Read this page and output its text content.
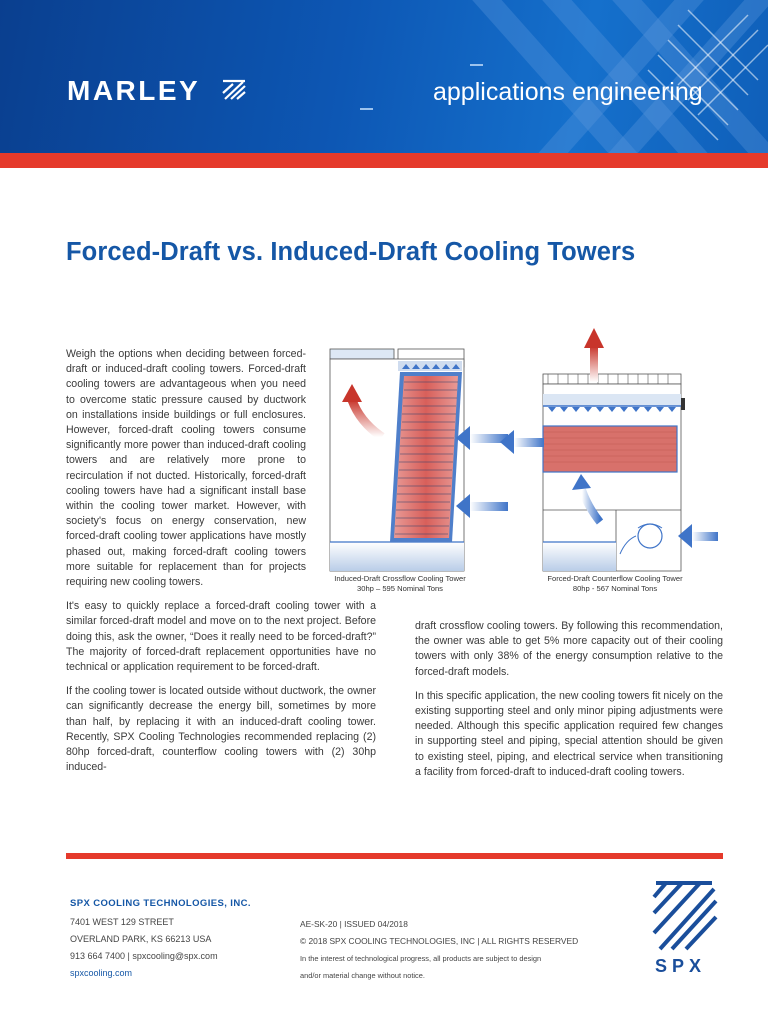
MARLEY	applications engineering
Forced-Draft vs. Induced-Draft Cooling Towers

Weigh the options when deciding between forced-draft or induced-draft cooling towers. Forced-draft cooling towers are advantageous when you need to overcome static pressure caused by ductwork on installations inside buildings or full enclosures. However, forced-draft cooling towers consume significantly more power than induced-draft cooling towers and are relatively more prone to recirculation if not ducted. Historically, forced-draft cooling towers have had a significant install base within the cooling tower market. However, with society's focus on energy conservation, new forced-draft cooling tower applications have mostly phased out, making forced-draft cooling towers more suitable for replacement than for projects requiring new cooling towers.

It's easy to quickly replace a forced-draft cooling tower with a similar forced-draft model and move on to the next project. Before doing this, ask the owner, “Does it really need to be forced-draft?” The majority of forced-draft replacement opportunities have no technical or application requirement to be forced-draft.

If the cooling tower is located outside without ductwork, the owner can significantly decrease the energy bill, sometimes by more than half, by replacing it with an induced-draft cooling tower. Recently, SPX Cooling Technologies recommended replacing (2) 80hp forced-draft, counterflow cooling towers with (2) 30hp induced-

Induced-Draft Crossflow Cooling Tower
30hp – 595 Nominal Tons
Forced-Draft Counterflow Cooling Tower
80hp - 567 Nominal Tons

draft crossflow cooling towers. By following this recommendation, the owner was able to get 5% more capacity out of their cooling towers with only 38% of the energy consumption relative to the forced-draft models.

In this specific application, the new cooling towers fit nicely on the existing supporting steel and only minor piping adjustments were needed. Although this specific application required few changes in supporting steel and piping, special attention should be given to existing steel, piping, and electrical service when transitioning a facility from forced-draft to induced-draft cooling towers.

SPX COOLING TECHNOLOGIES, INC.
7401 WEST 129 STREET
OVERLAND PARK, KS 66213 USA
913 664 7400 | spxcooling@spx.com
spxcooling.com
AE-SK-20 | ISSUED 04/2018
© 2018 SPX COOLING TECHNOLOGIES, INC | ALL RIGHTS RESERVED
In the interest of technological progress, all products are subject to design
and/or material change without notice.	SPX
